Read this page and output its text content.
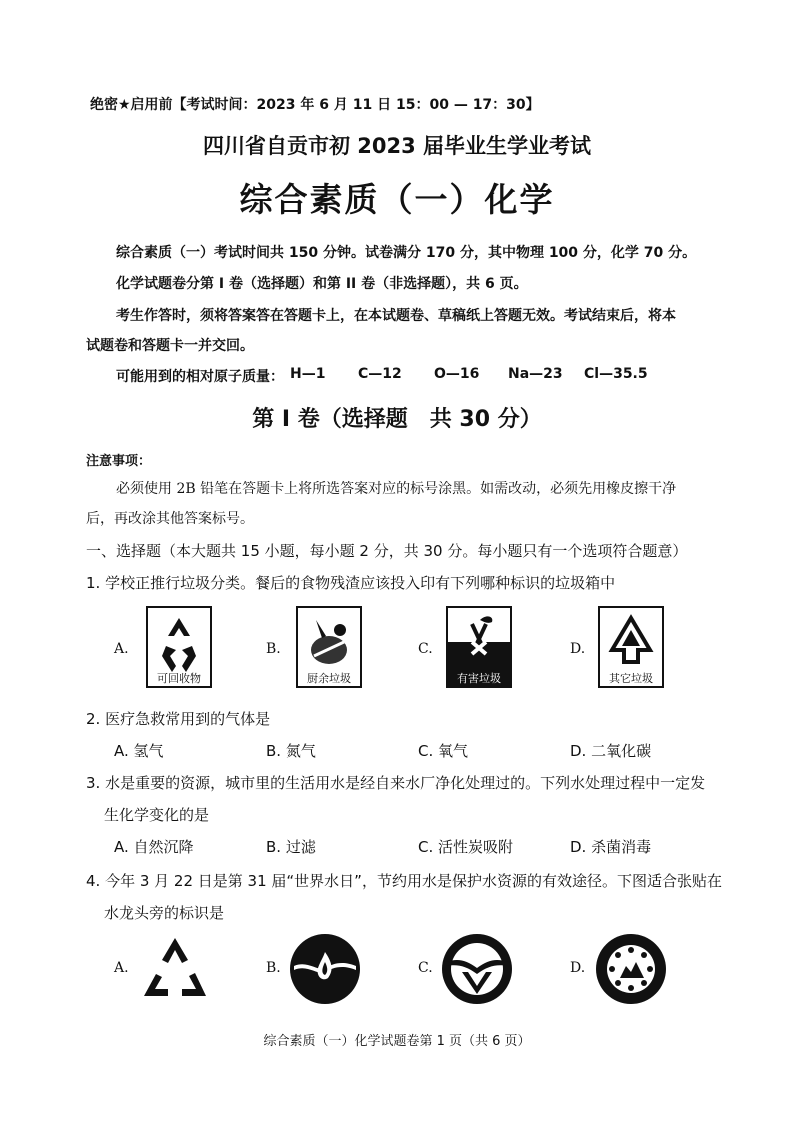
绝密★启用前【考试时间：2023 年 6 月 11 日 15：00 — 17：30】
四川省自贡市初 2023 届毕业生学业考试
综合素质（一）化学
综合素质（一）考试时间共 150 分钟。试卷满分 170 分，其中物理 100 分，化学 70 分。
化学试题卷分第 I 卷（选择题）和第 II 卷（非选择题），共 6 页。
考生作答时，须将答案答在答题卡上，在本试题卷、草稿纸上答题无效。考试结束后，将本
试题卷和答题卡一并交回。
可能用到的相对原子质量： H—1 C—12 O—16 Na—23 Cl—35.5
第 I 卷（选择题　共 30 分）
注意事项：
必须使用 2B 铅笔在答题卡上将所选答案对应的标号涂黑。如需改动，必须先用橡皮擦干净
后，再改涂其他答案标号。
一、选择题（本大题共 15 小题，每小题 2 分，共 30 分。每小题只有一个选项符合题意）
1. 学校正推行垃圾分类。餐后的食物残渣应该投入印有下列哪种标识的垃圾箱中
A.
可回收物
B.
厨余垃圾
C.
有害垃圾
D.
其它垃圾
2. 医疗急救常用到的气体是
A. 氢气	B. 氮气	C. 氧气	D. 二氧化碳
3. 水是重要的资源，城市里的生活用水是经自来水厂净化处理过的。下列水处理过程中一定发
生化学变化的是
A. 自然沉降	B. 过滤	C. 活性炭吸附	D. 杀菌消毒
4. 今年 3 月 22 日是第 31 届“世界水日”，节约用水是保护水资源的有效途径。下图适合张贴在
水龙头旁的标识是
A.	B.	C.	D.
综合素质（一）化学试题卷第 1 页（共 6 页）
